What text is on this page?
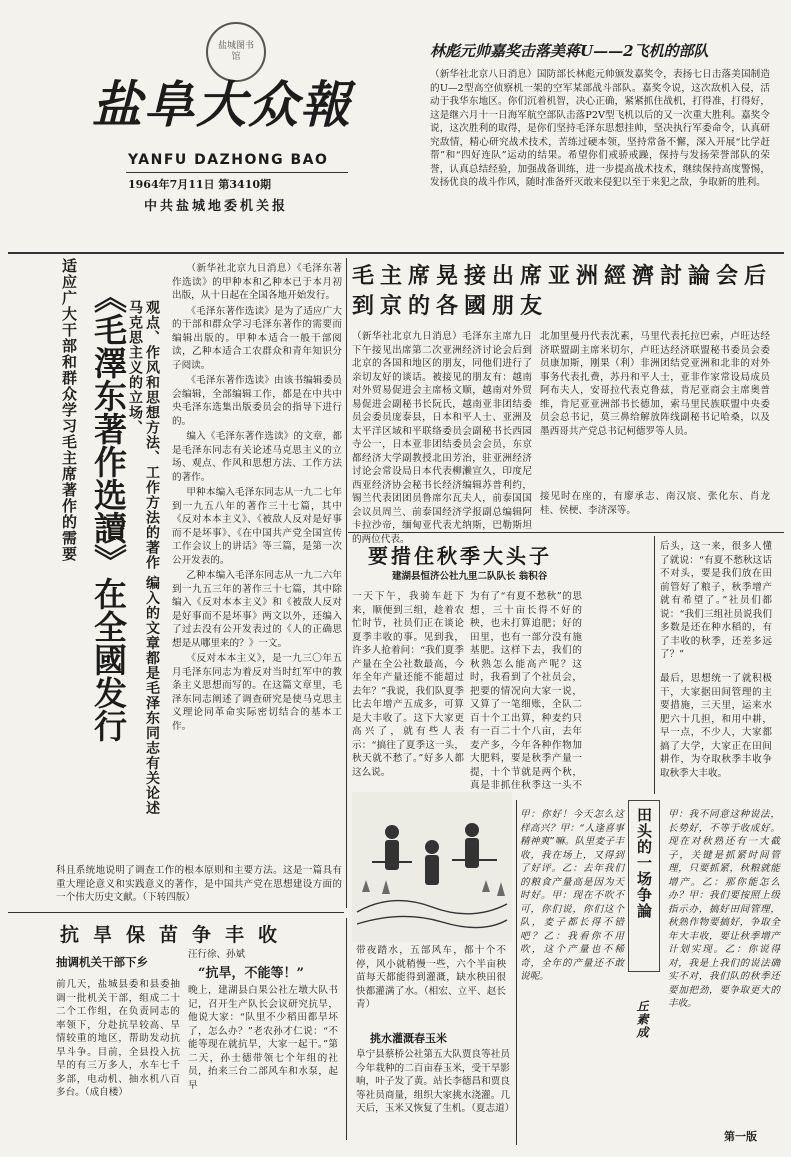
盐城图书馆
盐阜大众報
YANFU DAZHONG BAO
1964年7月11日 第3410期
中共盐城地委机关报
林彪元帅嘉奖击落美蒋U——2飞机的部队
（新华社北京八日消息）国防部长林彪元帅颁发嘉奖令，表扬七日击落美国制造的U—2型高空侦察机一架的空军某部战斗部队。嘉奖令说，这次敌机入侵，活动于我华东地区。你们沉着机智，决心正确，紧紧抓住战机，打得准，打得好，这是继六月十一日海军航空部队击落P2V型飞机以后的又一次重大胜利。嘉奖令说，这次胜利的取得，是你们坚持毛泽东思想挂帅，坚决执行军委命令，认真研究敌情，精心研究战术技术，苦练过硬本领，坚持常备不懈，深入开展“比学赶帮”和“四好连队”运动的结果。希望你们戒骄戒躁，保持与发扬荣誉部队的荣誉，认真总结经验，加强战备训练，进一步提高战术技术，继续保持高度警惕，发扬优良的战斗作风，随时准备歼灭敢来侵犯以至于来犯之敌，争取新的胜利。
适应广大干部和群众学习毛主席著作的需要 《毛澤东著作选讀》在全國发行	观点、作风和思想方法、工作方法的著作 编入的文章都是毛泽东同志有关论述马克思主义的立场、

（新华社北京九日消息）《毛泽东著作选读》的甲种本和乙种本已于本月初出版，从十日起在全国各地开始发行。

《毛泽东著作选读》是为了适应广大的干部和群众学习毛泽东著作的需要而编辑出版的。甲种本适合一般干部阅读，乙种本适合工农群众和青年知识分子阅读。

《毛泽东著作选读》由该书编辑委员会编辑，全部编辑工作，都是在中共中央毛泽东选集出版委员会的指导下进行的。

编入《毛泽东著作选读》的文章，都是毛泽东同志有关论述马克思主义的立场、观点、作风和思想方法、工作方法的著作。

甲种本编入毛泽东同志从一九二七年到一九五八年的著作三十七篇，其中《反对本本主义》、《被敌人反对是好事而不是坏事》、《在中国共产党全国宣传工作会议上的讲话》等三篇，是第一次公开发表的。

乙种本编入毛泽东同志从一九二六年到一九五三年的著作三十七篇，其中除编入《反对本本主义》和《被敌人反对是好事而不是坏事》两文以外，还编入了过去没有公开发表过的《人的正确思想是从哪里来的？》一文。

《反对本本主义》，是一九三〇年五月毛泽东同志为着反对当时红军中的教条主义思想而写的。在这篇文章里，毛泽东同志阐述了调查研究是使马克思主义理论同革命实际密切结合的基本工作。

科且系统地说明了调查工作的根本原则和主要方法。这是一篇具有重大理论意义和实践意义的著作，是中国共产党在思想建设方面的一个伟大历史文献。（下转四版）
毛主席晃接出席亚洲經濟討論会后到京的各國朋友
（新华社北京九日消息）毛泽东主席九日下午接见出席第二次亚洲经济讨论会后到北京的各国和地区的朋友，同他们进行了亲切友好的谈话。被接见的朋友有：越南对外贸易促进会主席杨文顺，越南对外贸易促进会副秘书长阮氏，越南亚非团结委员会委员庞泰县，日本和平人士、亚洲及太平洋区域和平联络委员会副秘书长西园寺公一，日本亚非团结委员会会员，东京都经济大学副教授北田芳治，驻亚洲经济讨论会常设局日本代表柳濑宣久，印度尼西亚经济协会秘书长经济编辑苏普利约，锡兰代表团团员鲁席尔瓦夫人，前泰国国会议员周兰、前泰国经济学报副总编辑阿卡拉沙帝，缅甸亚代表尤纳斯，巴勒斯坦的两位代表。
北加里曼丹代表沈素，马里代表托拉巴索，卢旺达经济联盟副主席米切尔，卢旺达经济联盟秘书委员会委员康加斯，刚果（利）非洲团结党亚洲和北非的对外事务代表扎费，苏丹和平人士，亚非作家常设局成员阿布夫人，安哥拉代表克鲁兹，肯尼亚商会主席奥普维，肯尼亚亚洲部书长德加，索马里民族联盟中央委员会总书记，莫三鼻给解放阵线副秘书记哈桑，以及墨西哥共产党总书记柯德罗等人员。
接见时在座的，有廖承志、南汉宸、张化东、肖龙桂、侯梗、李济深等。
要措住秋季大头子
建湖县恒济公社九里二队队长 翁积谷
一天下午，我骑车赶下来，顺便到三组，趁着农忙时节，社员们正在谈论夏季丰收的事。见到我，许多人抢着问：“我们夏季产量在全公社数最高，今年全年产量还能不能超过去年？”我说，我们队夏季比去年增产五成多，可算是大丰收了。这下大家更高兴了，就有些人表示：“搞往了夏季这一头，秋天就不愁了。”好多人都这么说。
为有了“有夏不愁秋”的思想，三十亩长得不好的秧，也未打算追肥；好的田里，也有一部分没有施基肥。这样下去，我们的秋熟怎么能高产呢？这时，我看到了个社员会，把要的情况向大家一说，又算了一笔细账，全队二百十个工出算，种麦约只有一百二十个八亩，去年麦产多，今年各种作物加大肥料，要是秋季产量一提，十个节就是两个秋，真是非抓住秋季这一头不
后头，这一来，很多人懂了就说：“有夏不愁秋这话不对头，要是我们放在田前管好了粮子，秋季增产就有希望了。”社员们都说：“我们三组社员说我们多数是还在种水稻的，有了丰收的秋季，还差多远了？”
最后，思想统一了就积极干，大家据田间管理的主要措施，三天里，运来水肥六十几担，和用中耕，早一点，不少人，大家都搞了大学，大家正在田间耕作，为夺取秋季丰收争取秋季大丰收。
甲：你好！今天怎么这样高兴？甲：“人逢喜事精神爽”嘛。队里麦子丰收，我在场上，又得到了好评。乙：去年我们的粮食产量高是因为天时好。甲：现在不吹不可，你们说，你们这个队，麦子都长得不错吧？乙：我看你不用吹，这个产量也不稀奇，全年的产量还不敢说呢。
田头的一场争論
丘素成
甲：我不同意这种说法，长势好，不等于收成好。现在对秋熟还有一大截子，关键是抓紧时间管理，只要抓紧，秋粮就能增产。乙：那你能怎么办？甲：我们要按照上级指示办，搞好田间管理，秋熟作物要搞好，争取全年大丰收，要让秋季增产计划实现。乙：你说得对，我是上我们的说法确实不对，我们队的秋季还要加把劲，要争取更大的丰收。
第一版
抗旱保苗争丰收
抽调机关干部下乡
前几天，盐城县委和县委抽调一批机关干部，组成二十二个工作组，在负责同志的率领下，分赴抗旱较高、旱情较重的地区，帮助发动抗旱斗争。目前，全县投入抗旱的有三万多人，水车七千多部，电动机、抽水机八百多台。（成自楼）
汪行徐、孙斌
“抗旱，不能等！”
晚上，建湖县白果公社左墩大队书记，召开生产队长会议研究抗旱，他说大家：“队里不少稻田都旱坏了，怎么办？”老农孙才仁说：“不能等现在就抗旱，大家一起干。”第二天，孙士德带领七个年组的社员，抬来三台二部风车和水泵，起早
带夜踏水，五部风车，都十个不停，风小就稍慢一些，六个半亩秧苗每天都能得到灌溉，缺水秧田很快都灌满了水。（相宏、立平、赵长青）
挑水灌溉春玉米
阜宁县蔡桥公社第五大队贾良等社员今年栽种的二百亩春玉米，受干旱影响，叶子发了黄。站长李德昌和贾良等社员商量，组织大家挑水浇灌。几天后，玉米又恢复了生机。（夏志道）
